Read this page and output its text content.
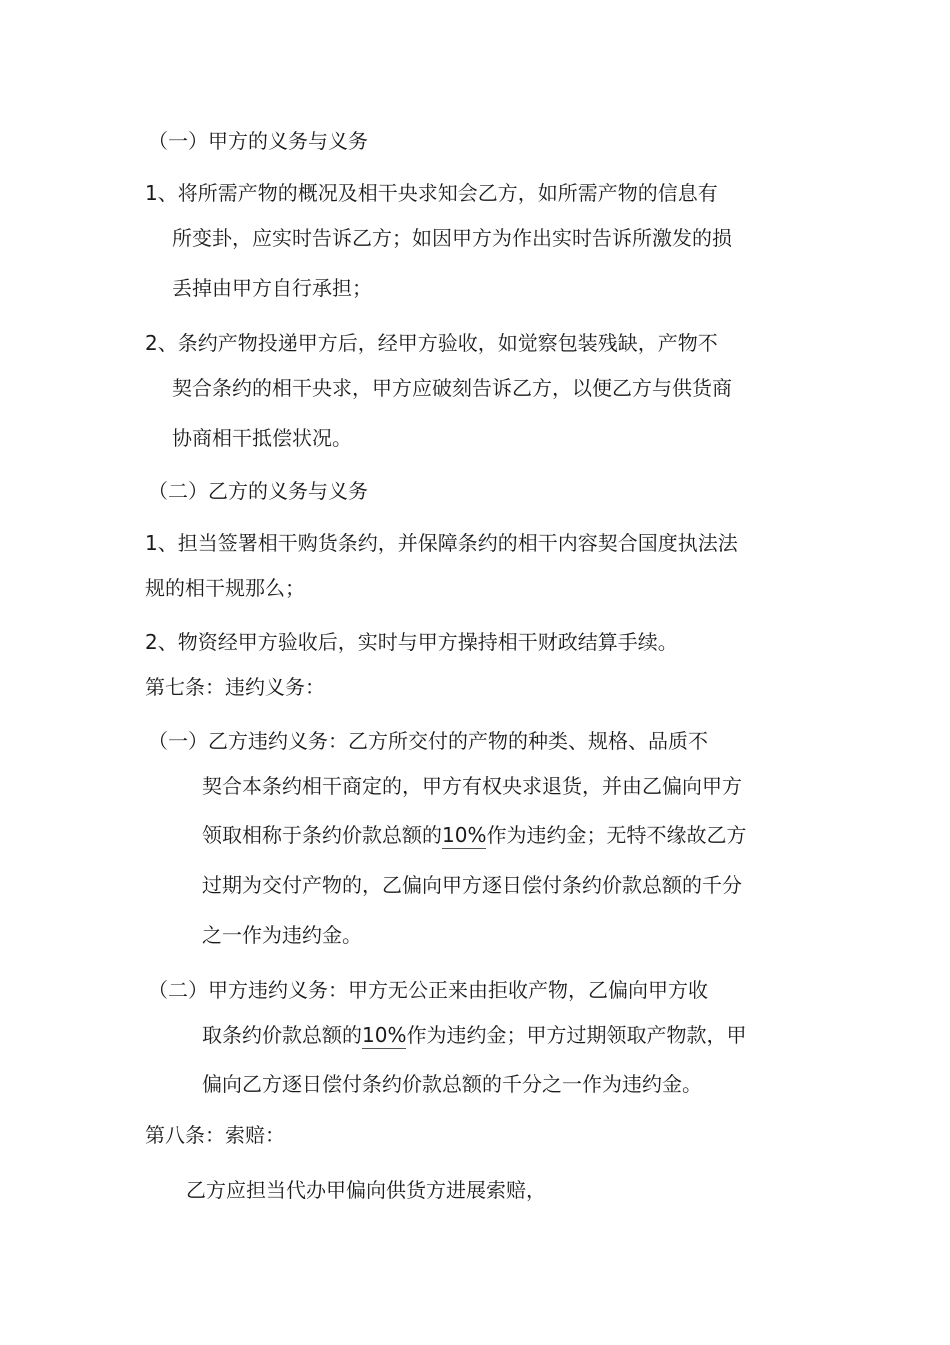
（一）甲方的义务与义务

1、将所需产物的概况及相干央求知会乙方，如所需产物的信息有

所变卦，应实时告诉乙方；如因甲方为作出实时告诉所激发的损

丢掉由甲方自行承担；

2、条约产物投递甲方后，经甲方验收，如觉察包装残缺，产物不

契合条约的相干央求，甲方应破刻告诉乙方，以便乙方与供货商

协商相干抵偿状况。

（二）乙方的义务与义务

1、担当签署相干购货条约，并保障条约的相干内容契合国度执法法

规的相干规那么；

2、物资经甲方验收后，实时与甲方操持相干财政结算手续。

第七条：违约义务：

（一）乙方违约义务：乙方所交付的产物的种类、规格、品质不

契合本条约相干商定的，甲方有权央求退货，并由乙偏向甲方

领取相称于条约价款总额的10%作为违约金；无特不缘故乙方

过期为交付产物的，乙偏向甲方逐日偿付条约价款总额的千分

之一作为违约金。

（二）甲方违约义务：甲方无公正来由拒收产物，乙偏向甲方收

取条约价款总额的10%作为违约金；甲方过期领取产物款，甲

偏向乙方逐日偿付条约价款总额的千分之一作为违约金。

第八条：索赔：

乙方应担当代办甲偏向供货方进展索赔，
